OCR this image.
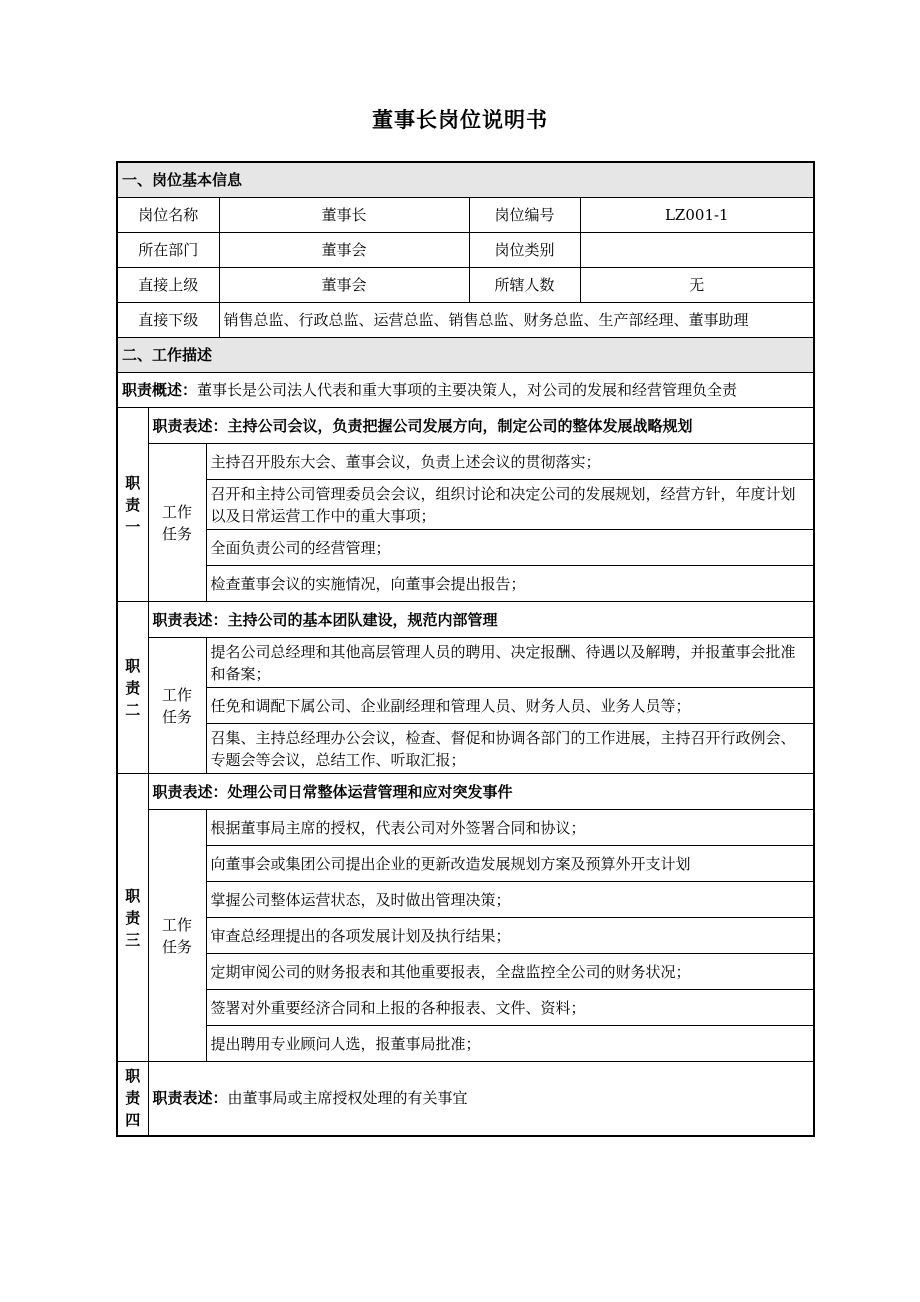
董事长岗位说明书
一、岗位基本信息					
岗位名称			董事长	岗位编号	LZ001-1
所在部门			董事会	岗位类别	
直接上级			董事会	所辖人数	无
直接下级			销售总监、行政总监、运营总监、销售总监、财务总监、生产部经理、董事助理		
二、工作描述					
职责概述：董事长是公司法人代表和重大事项的主要决策人，对公司的发展和经营管理负全责					

职
责
一	职责表述：主持公司会议，负责把握公司发展方向，制定公司的整体发展战略规划				

	工作
任务	主持召开股东大会、董事会议，负责上述会议的贯彻落实；			
		召开和主持公司管理委员会会议，组织讨论和决定公司的发展规划，经营方针，年度计划以及日常运营工作中的重大事项；			
		全面负责公司的经营管理；			
		检查董事会议的实施情况，向董事会提出报告；			

职
责
二	职责表述：主持公司的基本团队建设，规范内部管理				

	工作
任务	提名公司总经理和其他高层管理人员的聘用、决定报酬、待遇以及解聘，并报董事会批准和备案；			
		任免和调配下属公司、企业副经理和管理人员、财务人员、业务人员等；			
		召集、主持总经理办公会议，检查、督促和协调各部门的工作进展，主持召开行政例会、专题会等会议，总结工作、听取汇报；			

职
责
三	职责表述：处理公司日常整体运营管理和应对突发事件				

	工作
任务	根据董事局主席的授权，代表公司对外签署合同和协议；			
		向董事会或集团公司提出企业的更新改造发展规划方案及预算外开支计划			
		掌握公司整体运营状态，及时做出管理决策；			
		审查总经理提出的各项发展计划及执行结果；			
		定期审阅公司的财务报表和其他重要报表，全盘监控全公司的财务状况；			
		签署对外重要经济合同和上报的各种报表、文件、资料；			
		提出聘用专业顾问人选，报董事局批准；			

职
责
四	职责表述：由董事局或主席授权处理的有关事宜				
